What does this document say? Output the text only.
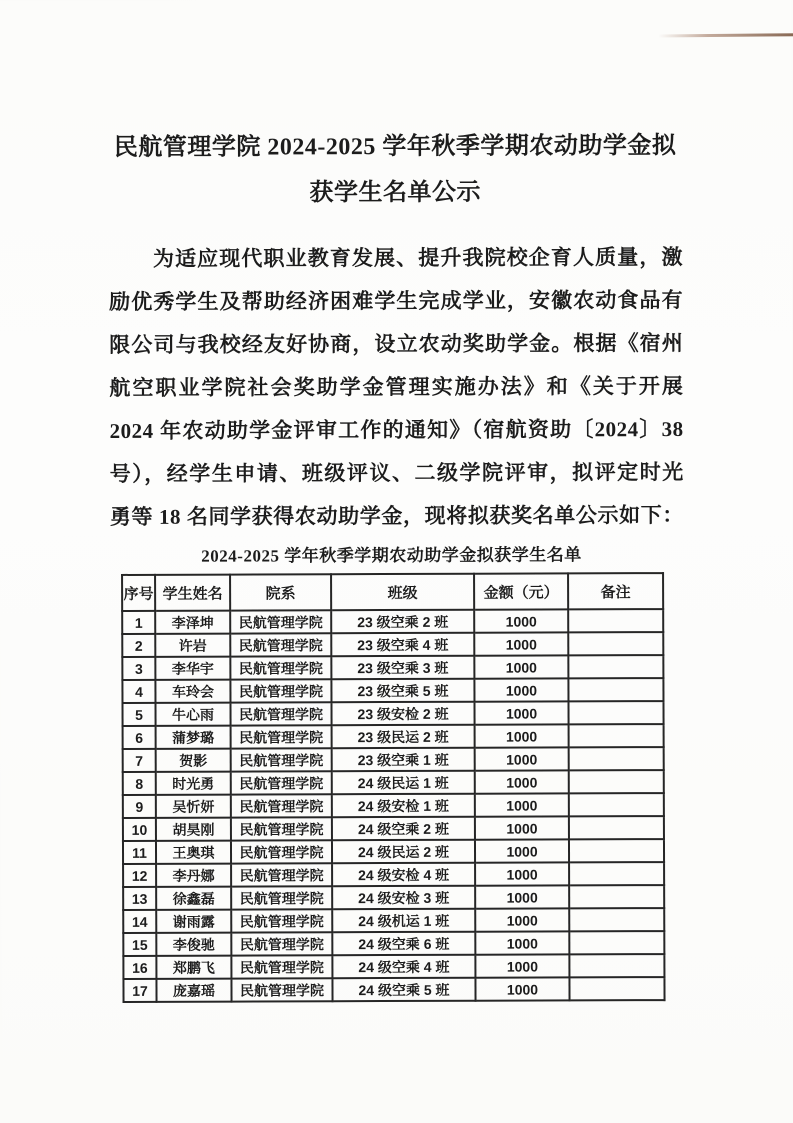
民航管理学院 2024-2025 学年秋季学期农动助学金拟
获学生名单公示
为适应现代职业教育发展、提升我院校企育人质量，激
励优秀学生及帮助经济困难学生完成学业，安徽农动食品有
限公司与我校经友好协商，设立农动奖助学金。根据《宿州
航空职业学院社会奖助学金管理实施办法》和《关于开展
2024 年农动助学金评审工作的通知》（宿航资助〔2024〕38
号），经学生申请、班级评议、二级学院评审，拟评定时光
勇等 18 名同学获得农动助学金，现将拟获奖名单公示如下：
2024-2025 学年秋季学期农动助学金拟获学生名单
序号	学生姓名	院系	班级	金额（元）	备注
1	李泽坤	民航管理学院	23 级空乘 2 班	1000	
2	许岩	民航管理学院	23 级空乘 4 班	1000	
3	李华宇	民航管理学院	23 级空乘 3 班	1000	
4	车玲会	民航管理学院	23 级空乘 5 班	1000	
5	牛心雨	民航管理学院	23 级安检 2 班	1000	
6	蒲梦璐	民航管理学院	23 级民运 2 班	1000	
7	贺影	民航管理学院	23 级空乘 1 班	1000	
8	时光勇	民航管理学院	24 级民运 1 班	1000	
9	吴忻妍	民航管理学院	24 级安检 1 班	1000	
10	胡昊刚	民航管理学院	24 级空乘 2 班	1000	
11	王奥琪	民航管理学院	24 级民运 2 班	1000	
12	李丹娜	民航管理学院	24 级安检 4 班	1000	
13	徐鑫磊	民航管理学院	24 级安检 3 班	1000	
14	谢雨露	民航管理学院	24 级机运 1 班	1000	
15	李俊驰	民航管理学院	24 级空乘 6 班	1000	
16	郑鹏飞	民航管理学院	24 级空乘 4 班	1000	
17	庞嘉瑶	民航管理学院	24 级空乘 5 班	1000	
